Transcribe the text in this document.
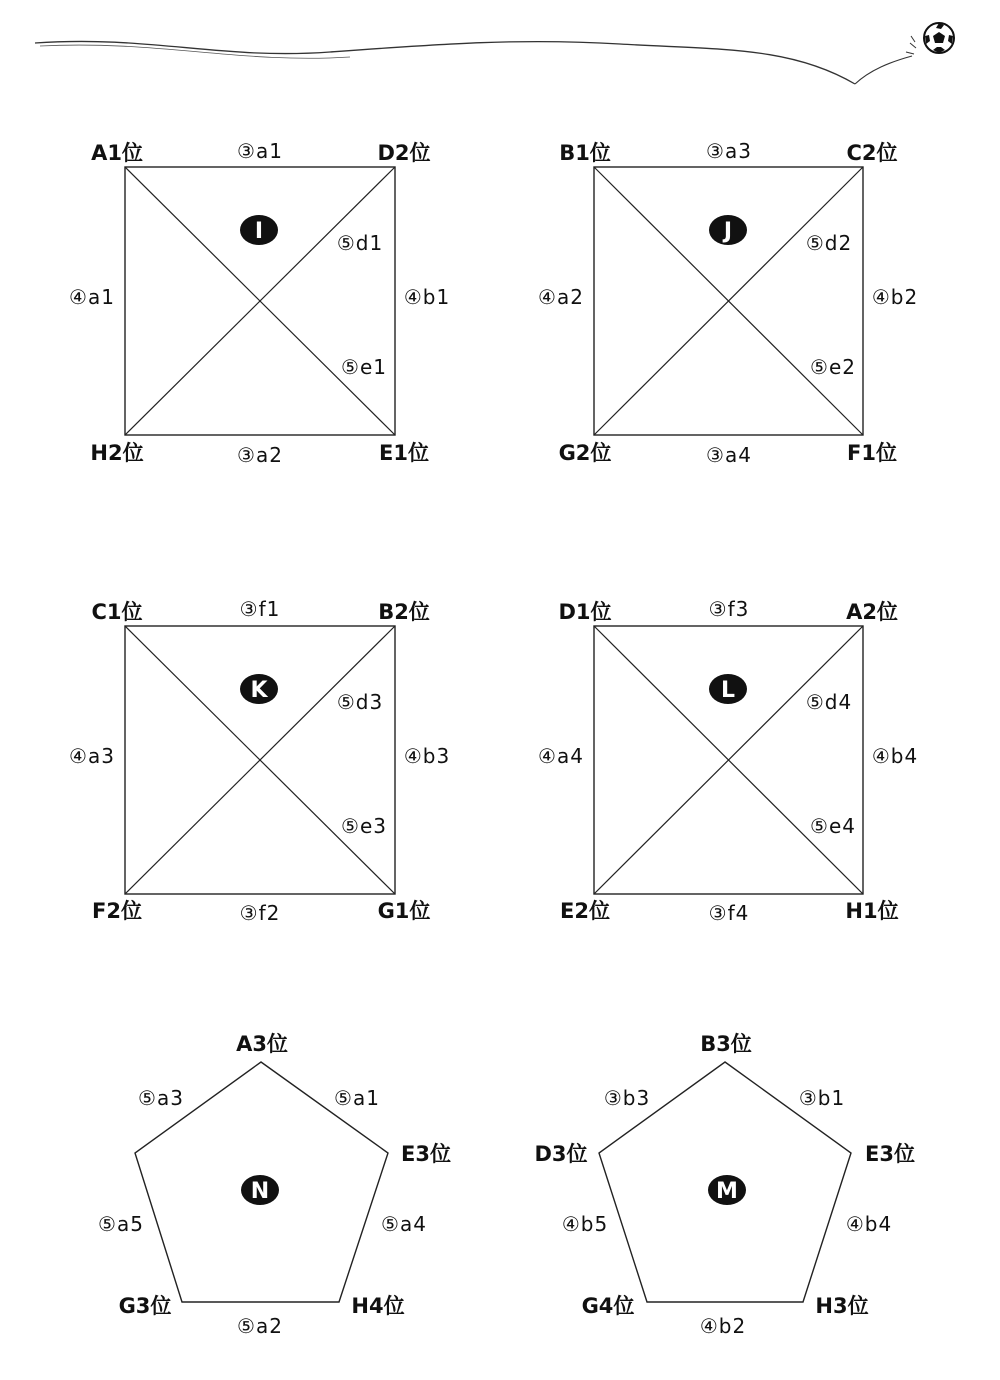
I
A1位	D2位
H2位	E1位
③a1
③a2
④a1	④b1
⑤d1
⑤e1
J
B1位	C2位
G2位	F1位
③a3
③a4
④a2	④b2
⑤d2
⑤e2
K
C1位	B2位
F2位	G1位
③f1
③f2
④a3	④b3
⑤d3
⑤e3
L
D1位	A2位
E2位	H1位
③f3
③f4
④a4	④b4
⑤d4
⑤e4
N
A3位
E3位
H4位
G3位
⑤a3	⑤a1
⑤a4
⑤a2
⑤a5
M
B3位
E3位
H3位
G4位
D3位
③b3	③b1
④b4
④b2
④b5
